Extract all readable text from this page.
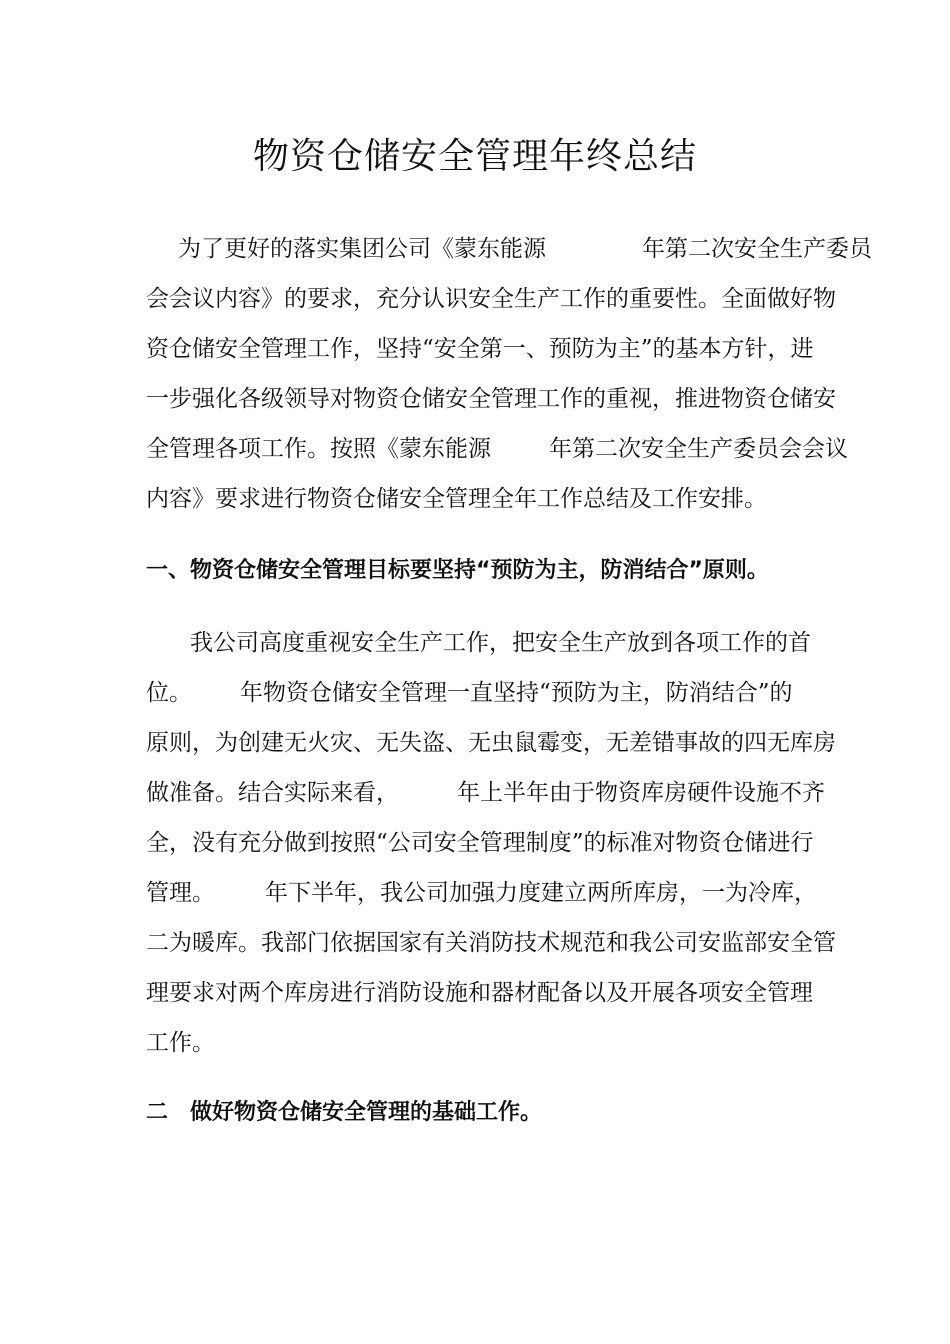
物资仓储安全管理年终总结
为了更好的落实集团公司《蒙东能源	年第二次安全生产委员
会会议内容》的要求，充分认识安全生产工作的重要性。全面做好物
资仓储安全管理工作，坚持“安全第一、预防为主”的基本方针，进
一步强化各级领导对物资仓储安全管理工作的重视，推进物资仓储安
全管理各项工作。按照《蒙东能源	年第二次安全生产委员会会议
内容》要求进行物资仓储安全管理全年工作总结及工作安排。
一、物资仓储安全管理目标要坚持“预防为主，防消结合”原则。
我公司高度重视安全生产工作，把安全生产放到各项工作的首
位。 年物资仓储安全管理一直坚持“预防为主，防消结合”的
原则，为创建无火灾、无失盗、无虫鼠霉变，无差错事故的四无库房
做准备。结合实际来看，	年上半年由于物资库房硬件设施不齐
全，没有充分做到按照“公司安全管理制度”的标准对物资仓储进行
管理。 年下半年，我公司加强力度建立两所库房，一为冷库，
二为暖库。我部门依据国家有关消防技术规范和我公司安监部安全管
理要求对两个库房进行消防设施和器材配备以及开展各项安全管理
工作。
二 做好物资仓储安全管理的基础工作。
